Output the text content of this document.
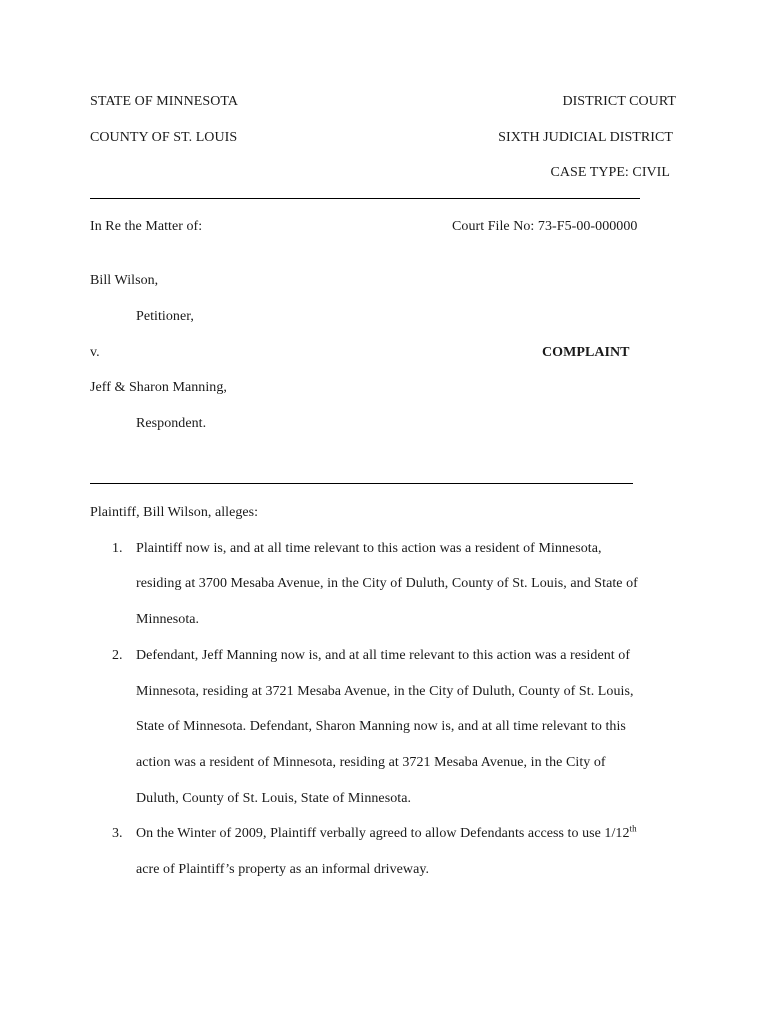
STATE OF MINNESOTA	DISTRICT COURT
COUNTY OF ST. LOUIS	SIXTH JUDICIAL DISTRICT
CASE TYPE: CIVIL
In Re the Matter of:	Court File No: 73-F5-00-000000
Bill Wilson,
Petitioner,
v.	COMPLAINT
Jeff & Sharon Manning,
Respondent.
Plaintiff, Bill Wilson, alleges:
1. Plaintiff now is, and at all time relevant to this action was a resident of Minnesota,
residing at 3700 Mesaba Avenue, in the City of Duluth, County of St. Louis, and State of
Minnesota.
2. Defendant, Jeff Manning now is, and at all time relevant to this action was a resident of
Minnesota, residing at 3721 Mesaba Avenue, in the City of Duluth, County of St. Louis,
State of Minnesota. Defendant, Sharon Manning now is, and at all time relevant to this
action was a resident of Minnesota, residing at 3721 Mesaba Avenue, in the City of
Duluth, County of St. Louis, State of Minnesota.
3. On the Winter of 2009, Plaintiff verbally agreed to allow Defendants access to use 1/12th
acre of Plaintiff’s property as an informal driveway.
